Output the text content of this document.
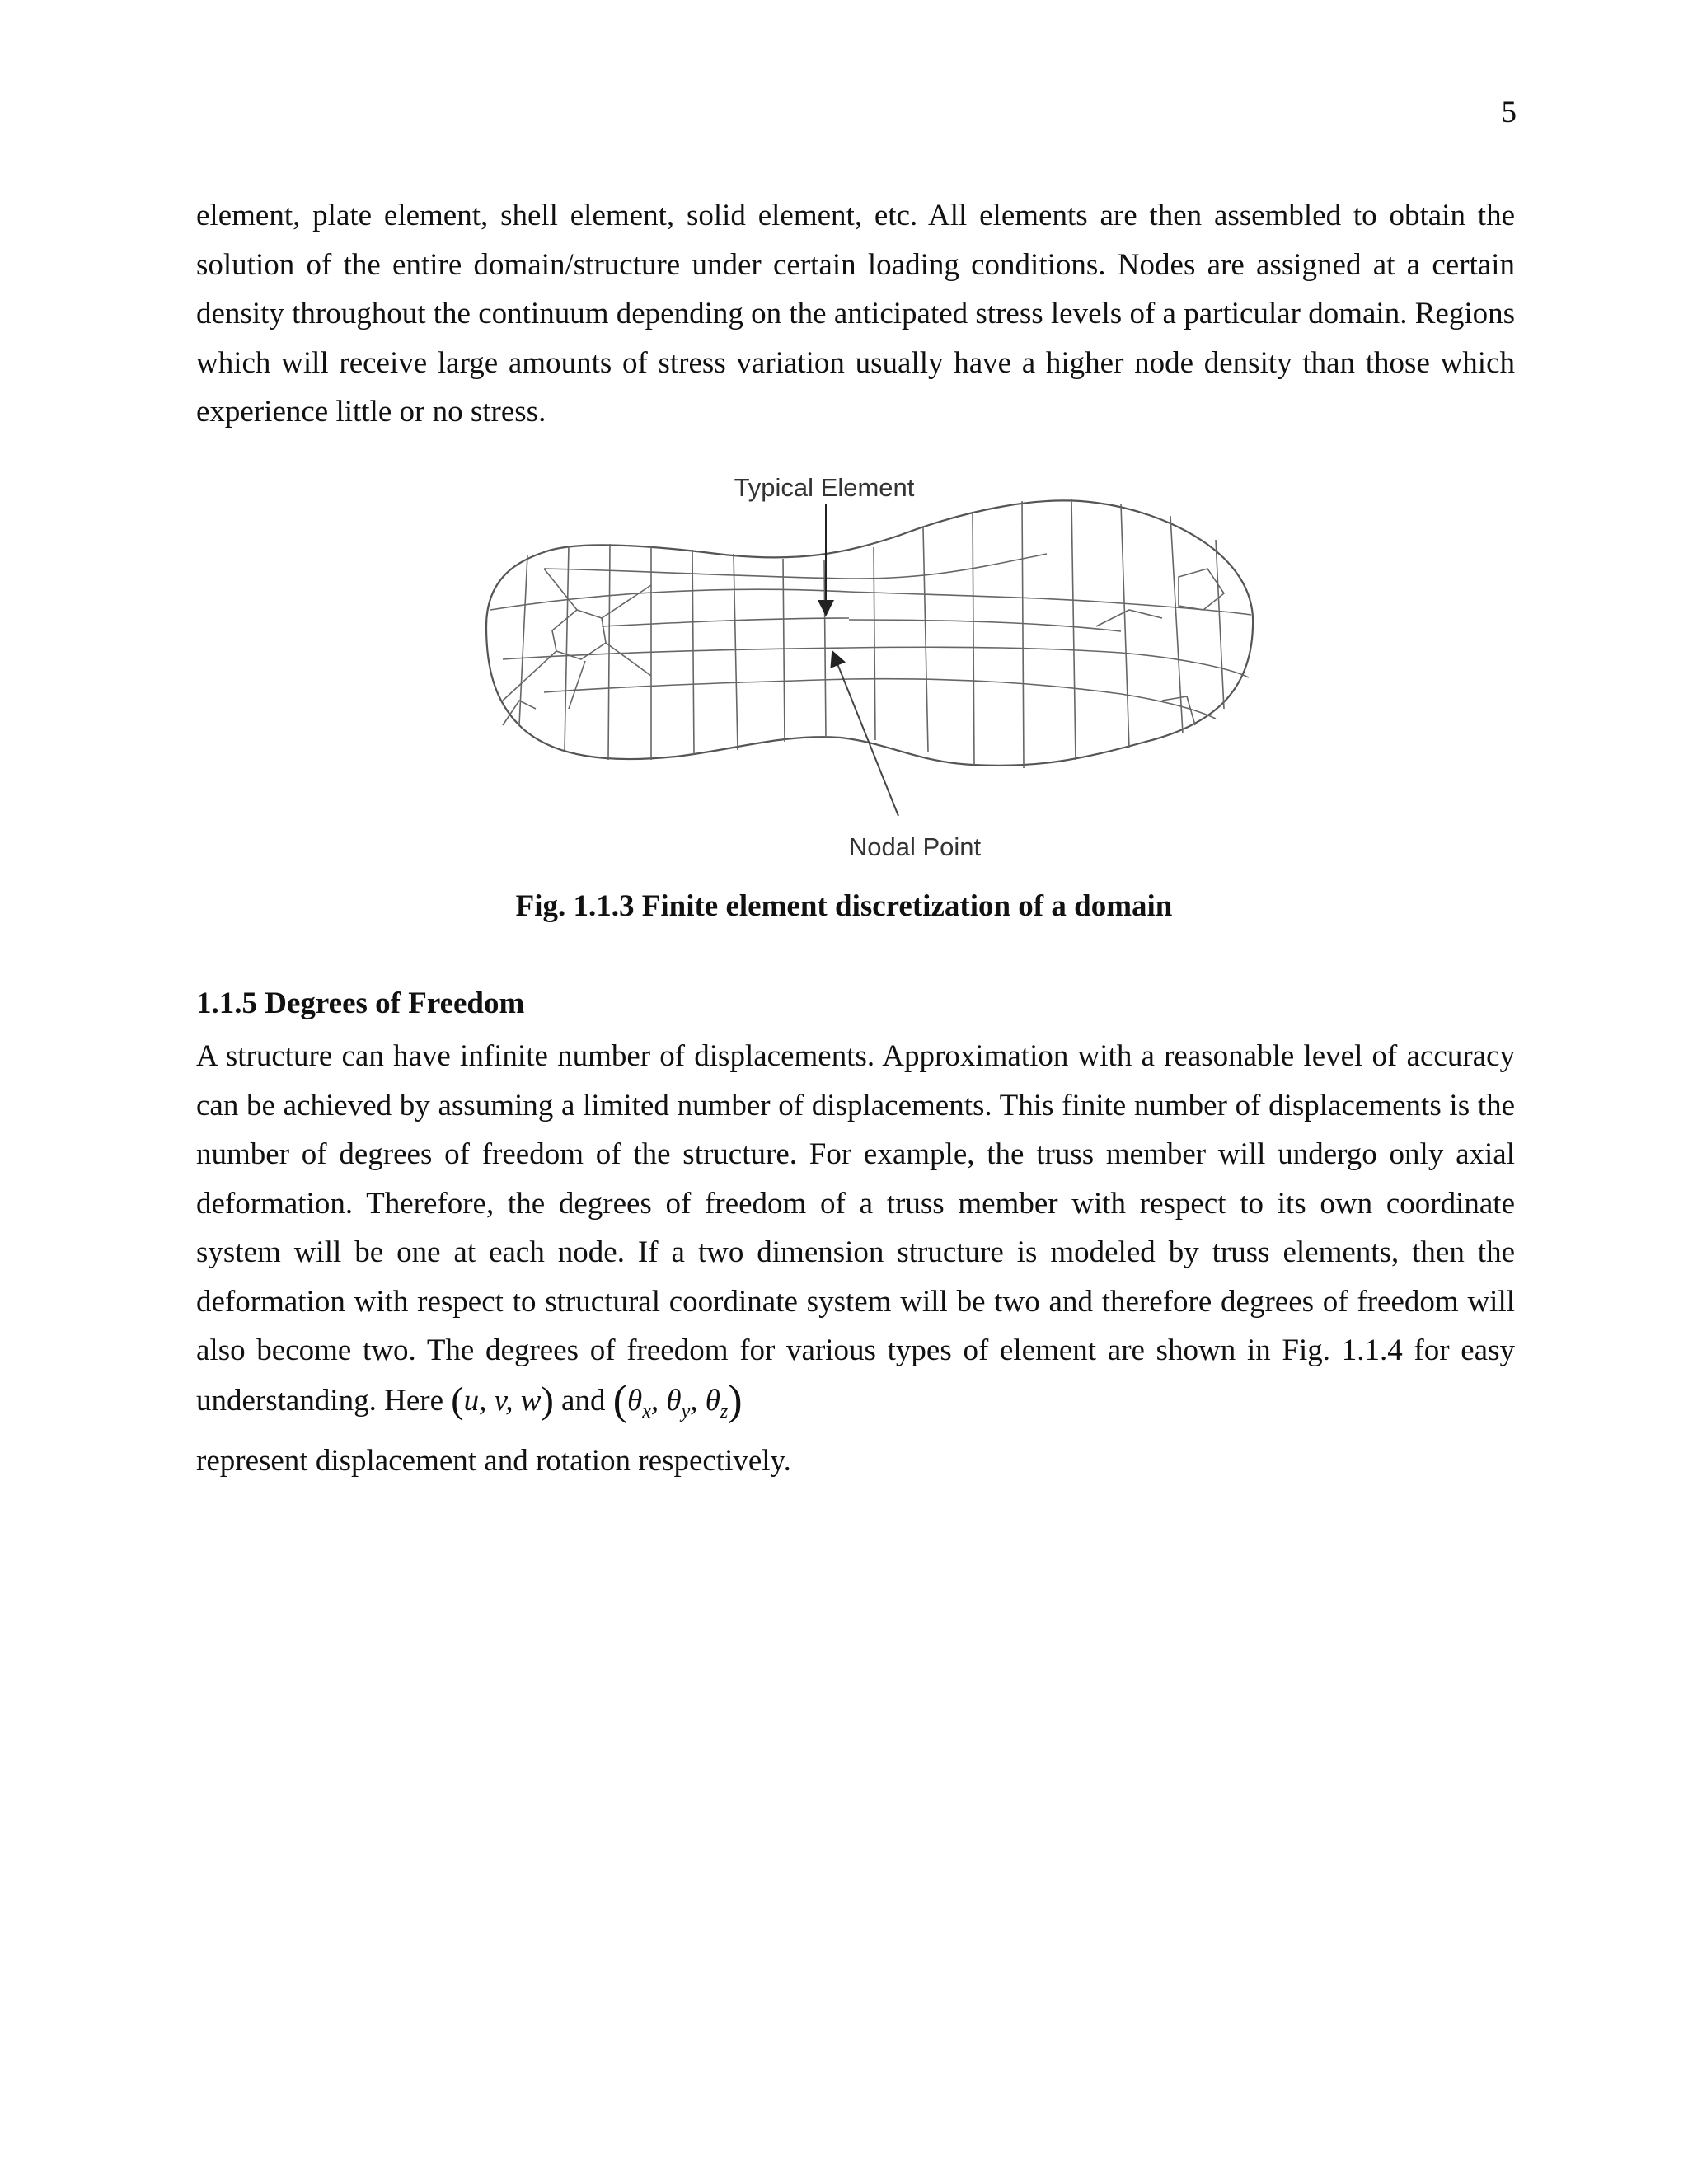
5

element, plate element, shell element, solid element, etc. All elements are then assembled to obtain the solution of the entire domain/structure under certain loading conditions. Nodes are assigned at a certain density throughout the continuum depending on the anticipated stress levels of a particular domain. Regions which will receive large amounts of stress variation usually have a higher node density than those which experience little or no stress.

Typical Element
Nodal Point

Fig. 1.1.3 Finite element discretization of a domain

1.1.5 Degrees of Freedom

A structure can have infinite number of displacements. Approximation with a reasonable level of accuracy can be achieved by assuming a limited number of displacements. This finite number of displacements is the number of degrees of freedom of the structure. For example, the truss member will undergo only axial deformation. Therefore, the degrees of freedom of a truss member with respect to its own coordinate system will be one at each node. If a two dimension structure is modeled by truss elements, then the deformation with respect to structural coordinate system will be two and therefore degrees of freedom will also become two. The degrees of freedom for various types of element are shown in Fig. 1.1.4 for easy understanding. Here (u, v, w) and ($\theta_x$, $\theta_y$, $\theta_z$)
represent displacement and rotation respectively.
